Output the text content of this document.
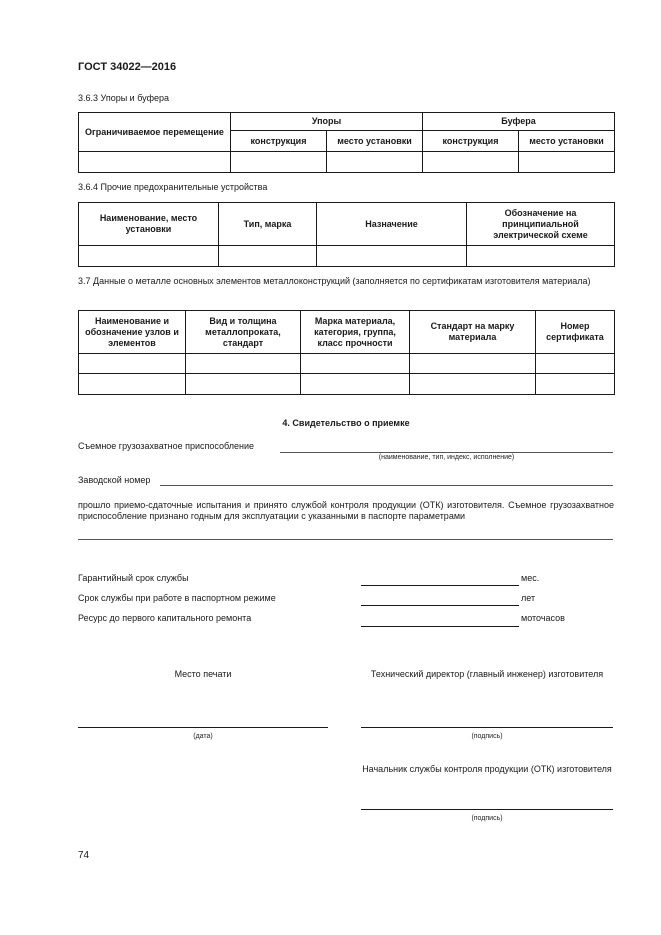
ГОСТ 34022—2016
3.6.3 Упоры и буфера
Ограничиваемое перемещение	Упоры		Буфера	
	конструкция	место установки	конструкция	место установки

3.6.4 Прочие предохранительные устройства
Наименование, место установки	Тип, марка	Назначение	Обозначение на принципиальной электрической схеме

3.7 Данные о металле основных элементов металлоконструкций (заполняется по сертификатам изготовителя материала)
Наименование и обозначение узлов и элементов	Вид и толщина металлопроката, стандарт	Марка материала, категория, группа, класс прочности	Стандарт на марку материала	Номер сертификата

4. Свидетельство о приемке
Съемное грузозахватное приспособление
(наименование, тип, индекс, исполнение)
Заводской номер
прошло приемо-сдаточные испытания и принято службой контроля продукции (ОТК) изготовителя. Съемное грузозахватное приспособление признано годным для эксплуатации с указанными в паспорте параметрами
Гарантийный срок службы	мес.
Срок службы при работе в паспортном режиме	лет
Ресурс до первого капитального ремонта	моточасов
Место печати	Технический директор (главный инженер) изготовителя
(дата)	(подпись)
Начальник службы контроля продукции (ОТК) изготовителя
(подпись)
74
